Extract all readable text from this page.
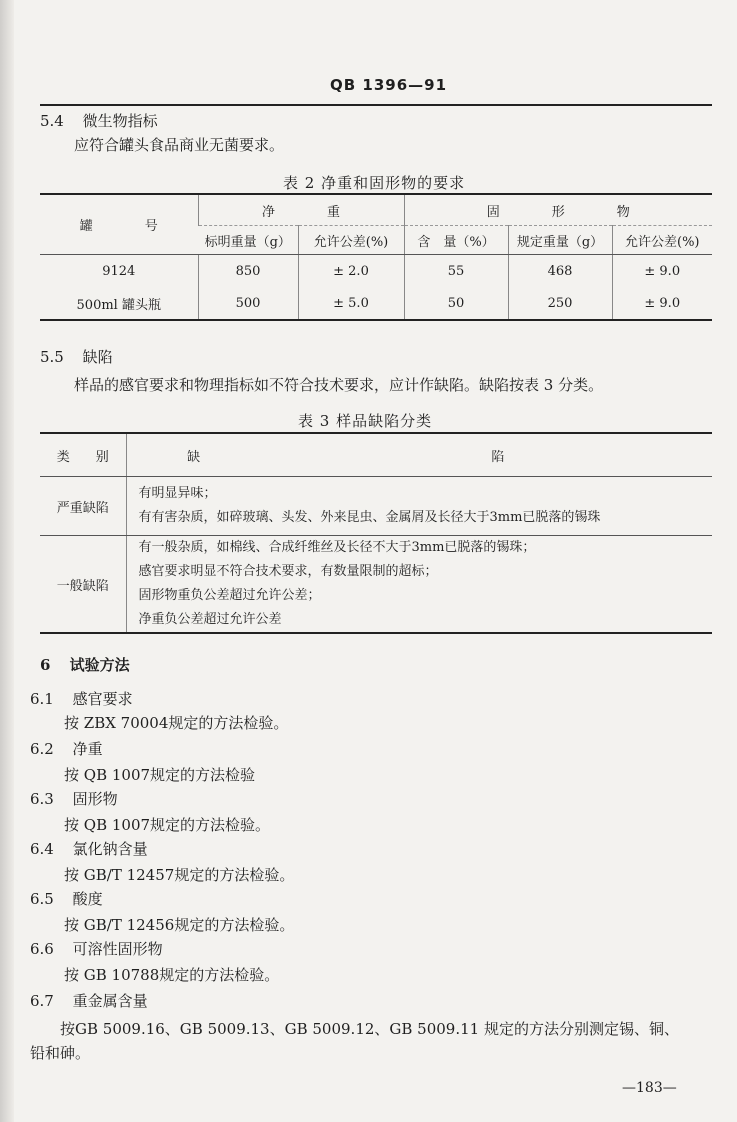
QB 1396—91
5.4 微生物指标
应符合罐头食品商业无菌要求。
表 2 净重和固形物的要求
罐　　　　号	净　　　　重		固　　　　形　　　　物		
	标明重量（g）	允许公差(%)	含　量（%）	规定重量（g）	允许公差(%)
9124	850	± 2.0	55	468	± 9.0
500ml 罐头瓶	500	± 5.0	50	250	± 9.0
5.5 缺陷
样品的感官要求和物理指标如不符合技术要求，应计作缺陷。缺陷按表 3 分类。
表 3 样品缺陷分类
类　　别	缺 陷
严重缺陷	有明显异味；
有有害杂质，如碎玻璃、头发、外来昆虫、金属屑及长径大于3mm已脱落的锡珠

一般缺陷	有一般杂质，如棉线、合成纤维丝及长径不大于3mm已脱落的锡珠；
感官要求明显不符合技术要求，有数量限制的超标；
固形物重负公差超过允许公差；
净重负公差超过允许公差
6 试验方法
6.1 感官要求
按 ZBX 70004规定的方法检验。
6.2 净重
按 QB 1007规定的方法检验
6.3 固形物
按 QB 1007规定的方法检验。
6.4 氯化钠含量
按 GB/T 12457规定的方法检验。
6.5 酸度
按 GB/T 12456规定的方法检验。
6.6 可溶性固形物
按 GB 10788规定的方法检验。
6.7 重金属含量
按GB 5009.16、GB 5009.13、GB 5009.12、GB 5009.11 规定的方法分别测定锡、铜、
铅和砷。
—183—
